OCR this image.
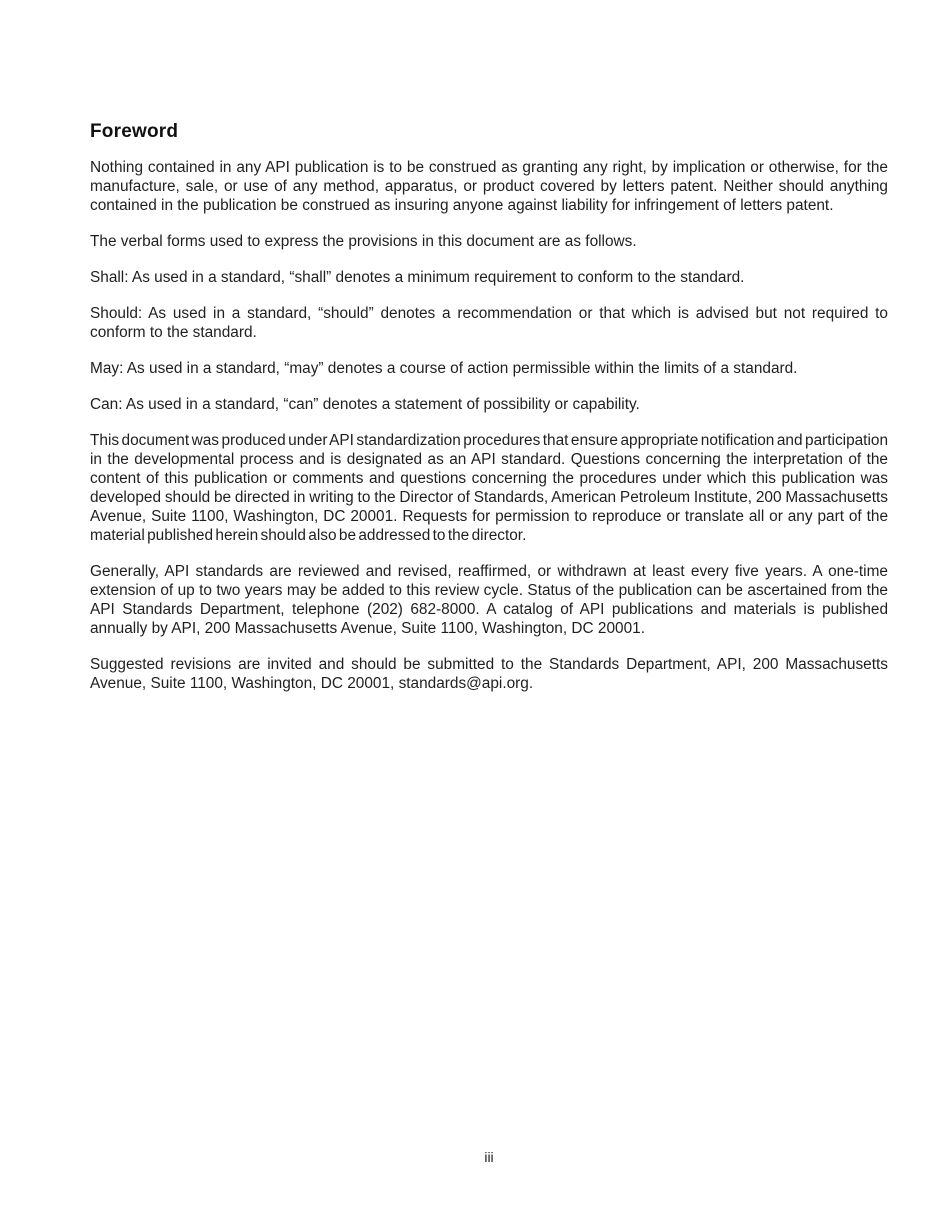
Foreword

Nothing contained in any API publication is to be construed as granting any right, by implication or otherwise, for the manufacture, sale, or use of any method, apparatus, or product covered by letters patent. Neither should anything contained in the publication be construed as insuring anyone against liability for infringement of letters patent.

The verbal forms used to express the provisions in this document are as follows.

Shall: As used in a standard, “shall” denotes a minimum requirement to conform to the standard.

Should: As used in a standard, “should” denotes a recommendation or that which is advised but not required to conform to the standard.

May: As used in a standard, “may” denotes a course of action permissible within the limits of a standard.

Can: As used in a standard, “can” denotes a statement of possibility or capability.

This document was produced under API standardization procedures that ensure appropriate notification and participation in the developmental process and is designated as an API standard. Questions concerning the interpretation of the content of this publication or comments and questions concerning the procedures under which this publication was developed should be directed in writing to the Director of Standards, American Petroleum Institute, 200 Massachusetts Avenue, Suite 1100, Washington, DC 20001. Requests for permission to reproduce or translate all or any part of the material published herein should also be addressed to the director.

Generally, API standards are reviewed and revised, reaffirmed, or withdrawn at least every five years. A one-time extension of up to two years may be added to this review cycle. Status of the publication can be ascertained from the API Standards Department, telephone (202) 682-8000. A catalog of API publications and materials is published annually by API, 200 Massachusetts Avenue, Suite 1100, Washington, DC 20001.

Suggested revisions are invited and should be submitted to the Standards Department, API, 200 Massachusetts Avenue, Suite 1100, Washington, DC 20001, standards@api.org.

iii
